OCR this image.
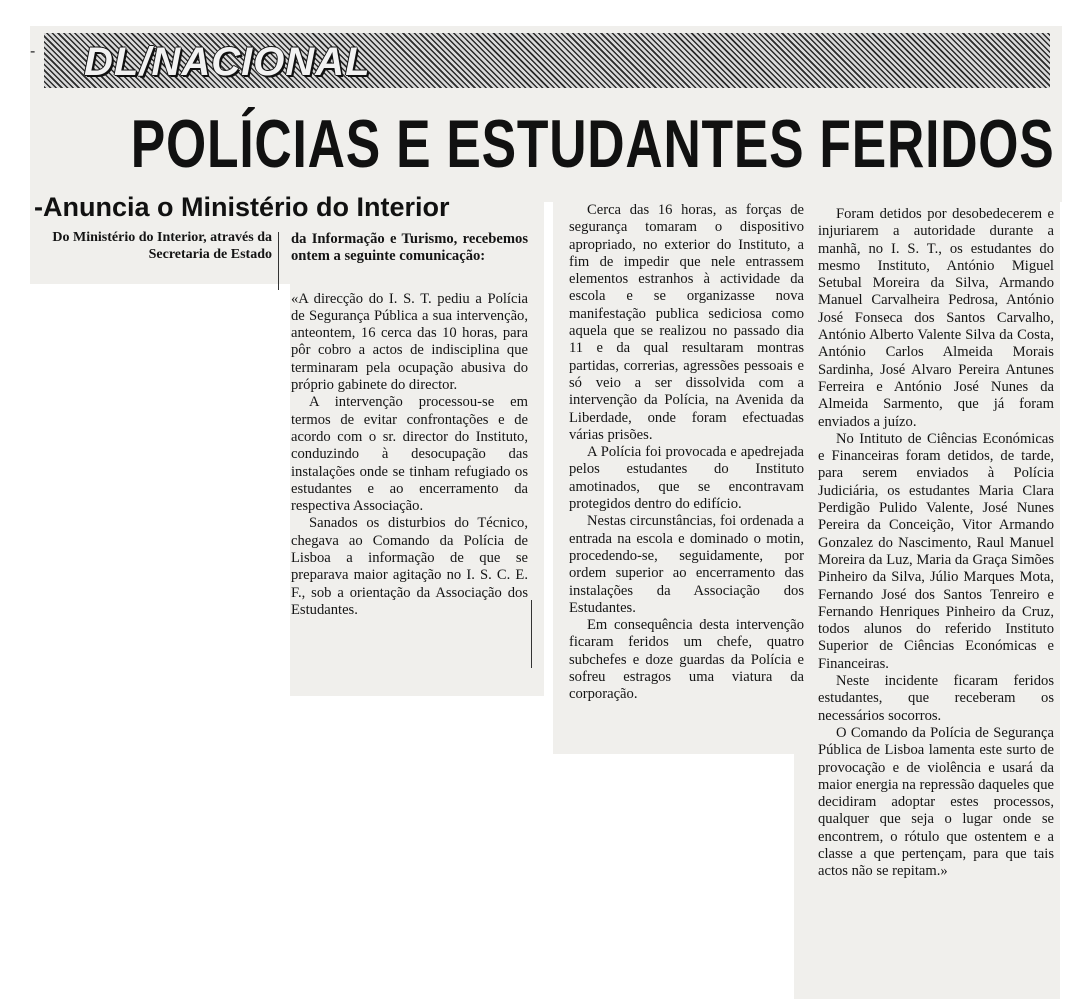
- DL/NACIONAL
POLÍCIAS E ESTUDANTES FERIDOS
-Anuncia o Ministério do Interior

Do Ministério do Interior, através da Secretaria de Estado

da Informação e Turismo, recebemos ontem a seguinte comunicação:

«A direcção do I. S. T. pediu a Polícia de Segurança Pública a sua intervenção, anteontem, 16 cerca das 10 horas, para pôr cobro a actos de indisciplina que terminaram pela ocupação abusiva do próprio gabinete do director.

A intervenção processou-se em termos de evitar confrontações e de acordo com o sr. director do Instituto, conduzindo à desocupação das instalações onde se tinham refugiado os estudantes e ao encerramento da respectiva Associação.

Sanados os disturbios do Técnico, chegava ao Comando da Polícia de Lisboa a informação de que se preparava maior agitação no I. S. C. E. F., sob a orientação da Associação dos Estudantes.

Cerca das 16 horas, as forças de segurança tomaram o dispositivo apropriado, no exterior do Instituto, a fim de impedir que nele entrassem elementos estranhos à actividade da escola e se organizasse nova manifestação publica sediciosa como aquela que se realizou no passado dia 11 e da qual resultaram montras partidas, correrias, agressões pessoais e só veio a ser dissolvida com a intervenção da Polícia, na Avenida da Liberdade, onde foram efectuadas várias prisões.

A Polícia foi provocada e apedrejada pelos estudantes do Instituto amotinados, que se encontravam protegidos dentro do edifício.

Nestas circunstâncias, foi ordenada a entrada na escola e dominado o motin, procedendo-se, seguidamente, por ordem superior ao encerramento das instalações da Associação dos Estudantes.

Em consequência desta intervenção ficaram feridos um chefe, quatro subchefes e doze guardas da Polícia e sofreu estragos uma viatura da corporação.

Foram detidos por desobedecerem e injuriarem a autoridade durante a manhã, no I. S. T., os estudantes do mesmo Instituto, António Miguel Setubal Moreira da Silva, Armando Manuel Carvalheira Pedrosa, António José Fonseca dos Santos Carvalho, António Alberto Valente Silva da Costa, António Carlos Almeida Morais Sardinha, José Alvaro Pereira Antunes Ferreira e António José Nunes da Almeida Sarmento, que já foram enviados a juízo.

No Intituto de Ciências Económicas e Financeiras foram detidos, de tarde, para serem enviados à Polícia Judiciária, os estudantes Maria Clara Perdigão Pulido Valente, José Nunes Pereira da Conceição, Vitor Armando Gonzalez do Nascimento, Raul Manuel Moreira da Luz, Maria da Graça Simões Pinheiro da Silva, Júlio Marques Mota, Fernando José dos Santos Tenreiro e Fernando Henriques Pinheiro da Cruz, todos alunos do referido Instituto Superior de Ciências Económicas e Financeiras.

Neste incidente ficaram feridos estudantes, que receberam os necessários socorros.

O Comando da Polícia de Segurança Pública de Lisboa lamenta este surto de provocação e de violência e usará da maior energia na repressão daqueles que decidiram adoptar estes processos, qualquer que seja o lugar onde se encontrem, o rótulo que ostentem e a classe a que pertençam, para que tais actos não se repitam.»
